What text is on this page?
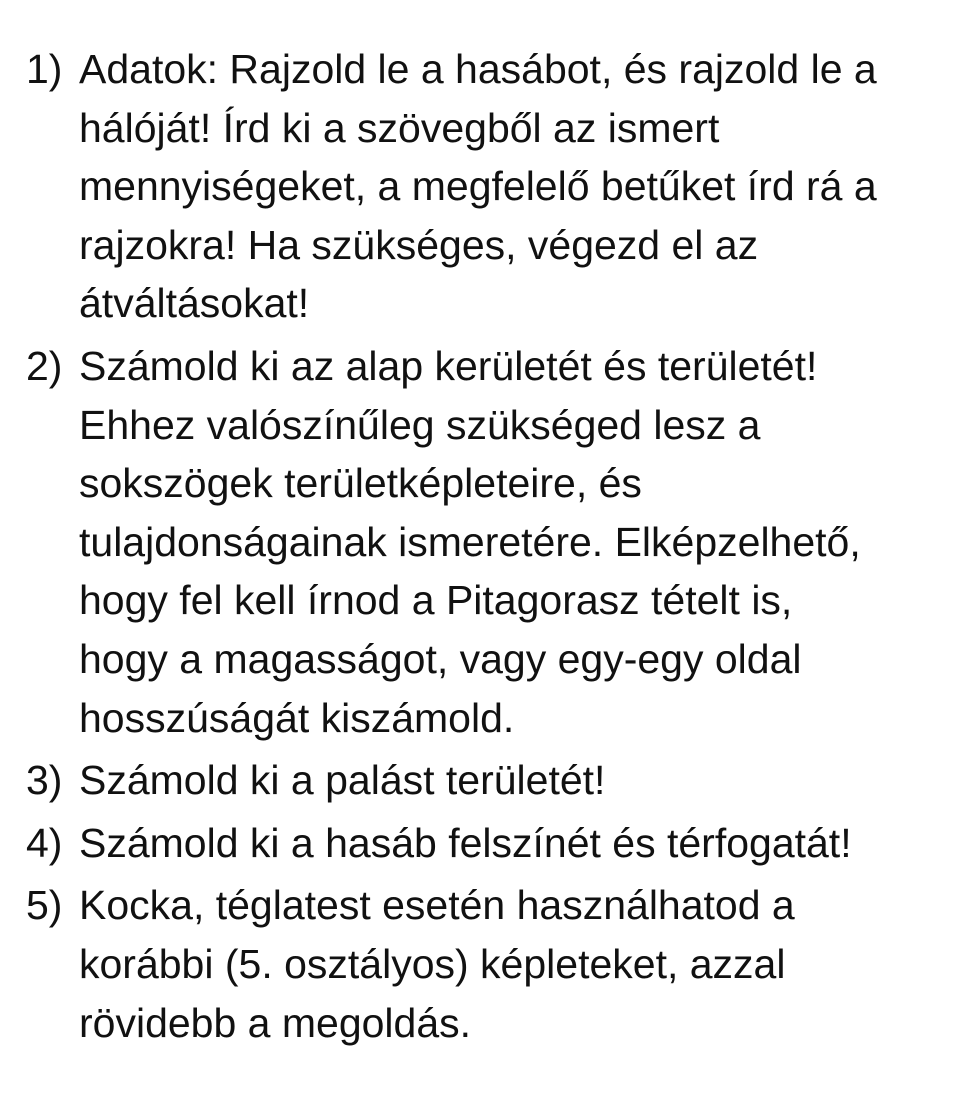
1) Adatok: Rajzold le a hasábot, és rajzold le a
hálóját! Írd ki a szövegből az ismert
mennyiségeket, a megfelelő betűket írd rá a
rajzokra! Ha szükséges, végezd el az
átváltásokat!
2) Számold ki az alap kerületét és területét!
Ehhez valószínűleg szükséged lesz a
sokszögek területképleteire, és
tulajdonságainak ismeretére. Elképzelhető,
hogy fel kell írnod a Pitagorasz tételt is,
hogy a magasságot, vagy egy-egy oldal
hosszúságát kiszámold.
3) Számold ki a palást területét!
4) Számold ki a hasáb felszínét és térfogatát!
5) Kocka, téglatest esetén használhatod a
korábbi (5. osztályos) képleteket, azzal
rövidebb a megoldás.
